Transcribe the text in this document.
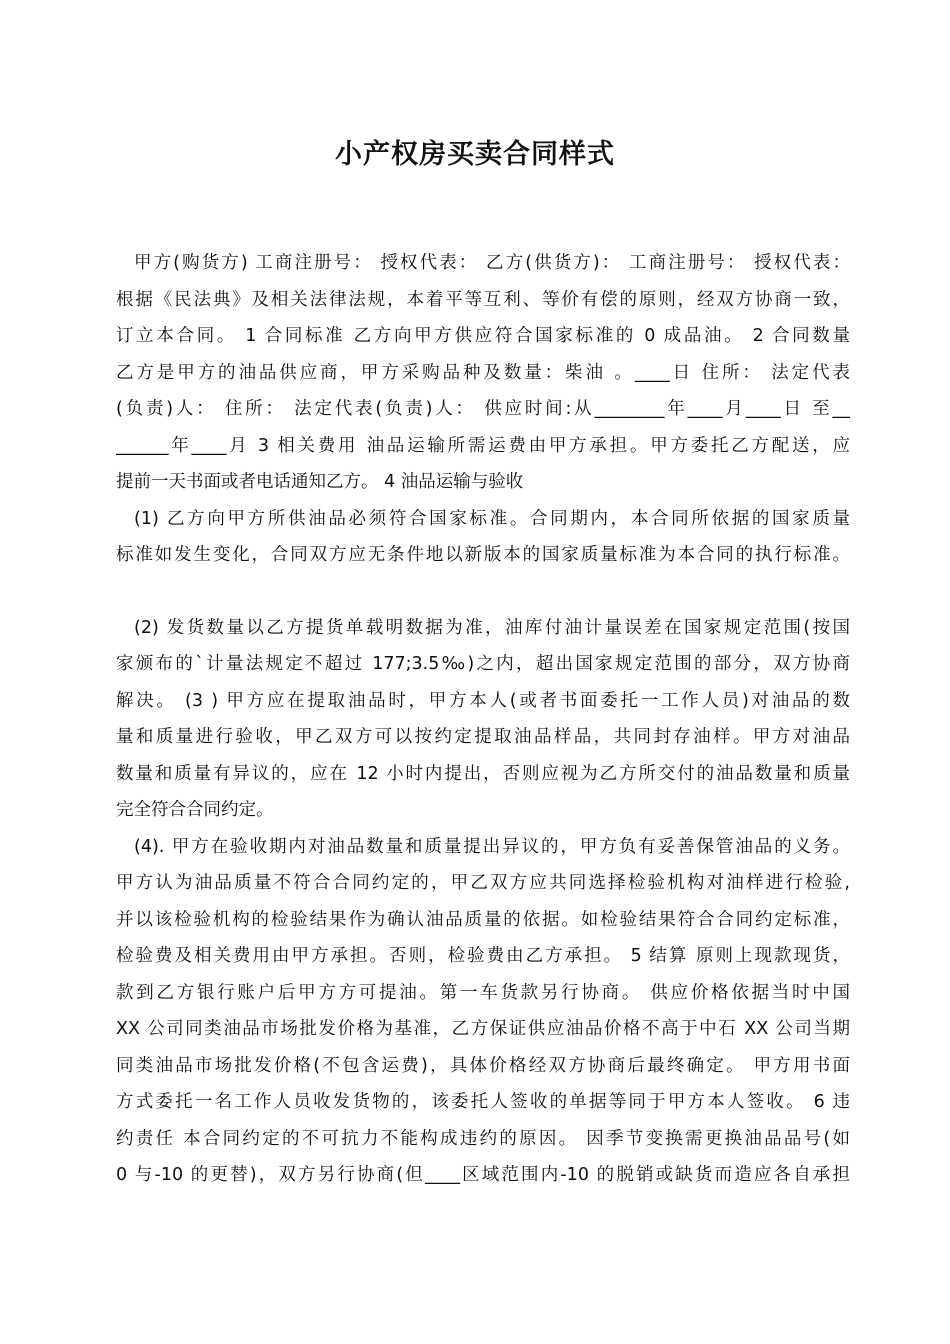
小产权房买卖合同样式
甲方(购货方) 工商注册号： 授权代表： 乙方(供货方)： 工商注册号： 授权代表：
根据《民法典》及相关法律法规，本着平等互利、等价有偿的原则，经双方协商一致，
订立本合同。 1 合同标准 乙方向甲方供应符合国家标准的 0 成品油。 2 合同数量
乙方是甲方的油品供应商，甲方采购品种及数量：柴油 。____日 住所： 法定代表
(负责)人： 住所： 法定代表(负责)人： 供应时间:从________年____月____日 至__
______年____月 3 相关费用 油品运输所需运费由甲方承担。甲方委托乙方配送，应
提前一天书面或者电话通知乙方。 4 油品运输与验收
(1) 乙方向甲方所供油品必须符合国家标准。合同期内，本合同所依据的国家质量
标准如发生变化，合同双方应无条件地以新版本的国家质量标准为本合同的执行标准。
(2) 发货数量以乙方提货单载明数据为准，油库付油计量误差在国家规定范围(按国
家颁布的`计量法规定不超过 177;3.5‰)之内，超出国家规定范围的部分，双方协商
解决。 (3 ) 甲方应在提取油品时，甲方本人(或者书面委托一工作人员)对油品的数
量和质量进行验收，甲乙双方可以按约定提取油品样品，共同封存油样。甲方对油品
数量和质量有异议的，应在 12 小时内提出，否则应视为乙方所交付的油品数量和质量
完全符合合同约定。
(4). 甲方在验收期内对油品数量和质量提出异议的，甲方负有妥善保管油品的义务。
甲方认为油品质量不符合合同约定的，甲乙双方应共同选择检验机构对油样进行检验,
并以该检验机构的检验结果作为确认油品质量的依据。如检验结果符合合同约定标准，
检验费及相关费用由甲方承担。否则，检验费由乙方承担。 5 结算 原则上现款现货，
款到乙方银行账户后甲方方可提油。第一车货款另行协商。 供应价格依据当时中国
XX 公司同类油品市场批发价格为基准，乙方保证供应油品价格不高于中石 XX 公司当期
同类油品市场批发价格(不包含运费)，具体价格经双方协商后最终确定。 甲方用书面
方式委托一名工作人员收发货物的，该委托人签收的单据等同于甲方本人签收。 6 违
约责任 本合同约定的不可抗力不能构成违约的原因。 因季节变换需更换油品品号(如
0 与-10 的更替)，双方另行协商(但____区域范围内-10 的脱销或缺货而造应各自承担
